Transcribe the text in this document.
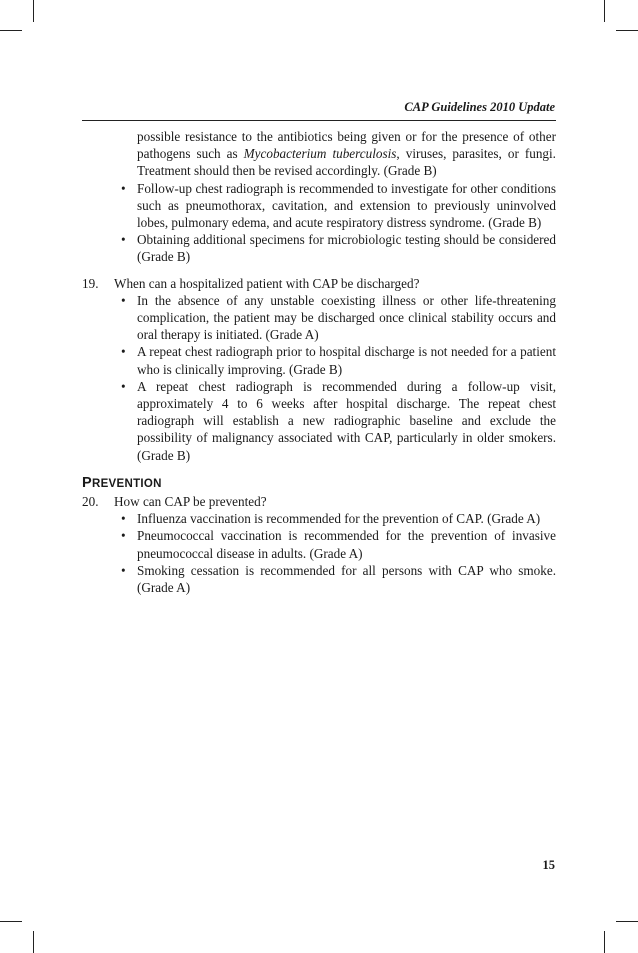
CAP Guidelines 2010 Update
possible resistance to the antibiotics being given or for the presence of other pathogens such as Mycobacterium tuberculosis, viruses, parasites, or fungi. Treatment should then be revised accordingly. (Grade B)
• Follow-up chest radiograph is recommended to investigate for other conditions such as pneumothorax, cavitation, and extension to previously uninvolved lobes, pulmonary edema, and acute respiratory distress syndrome. (Grade B)
• Obtaining additional specimens for microbiologic testing should be considered (Grade B)
19. When can a hospitalized patient with CAP be discharged?
• In the absence of any unstable coexisting illness or other life-threatening complication, the patient may be discharged once clinical stability occurs and oral therapy is initiated. (Grade A)
• A repeat chest radiograph prior to hospital discharge is not needed for a patient who is clinically improving. (Grade B)
• A repeat chest radiograph is recommended during a follow-up visit, approximately 4 to 6 weeks after hospital discharge. The repeat chest radiograph will establish a new radiographic baseline and exclude the possibility of malignancy associated with CAP, particularly in older smokers. (Grade B)
PREVENTION
20. How can CAP be prevented?
• Influenza vaccination is recommended for the prevention of CAP. (Grade A)
• Pneumococcal vaccination is recommended for the prevention of invasive pneumococcal disease in adults. (Grade A)
• Smoking cessation is recommended for all persons with CAP who smoke. (Grade A)
15
